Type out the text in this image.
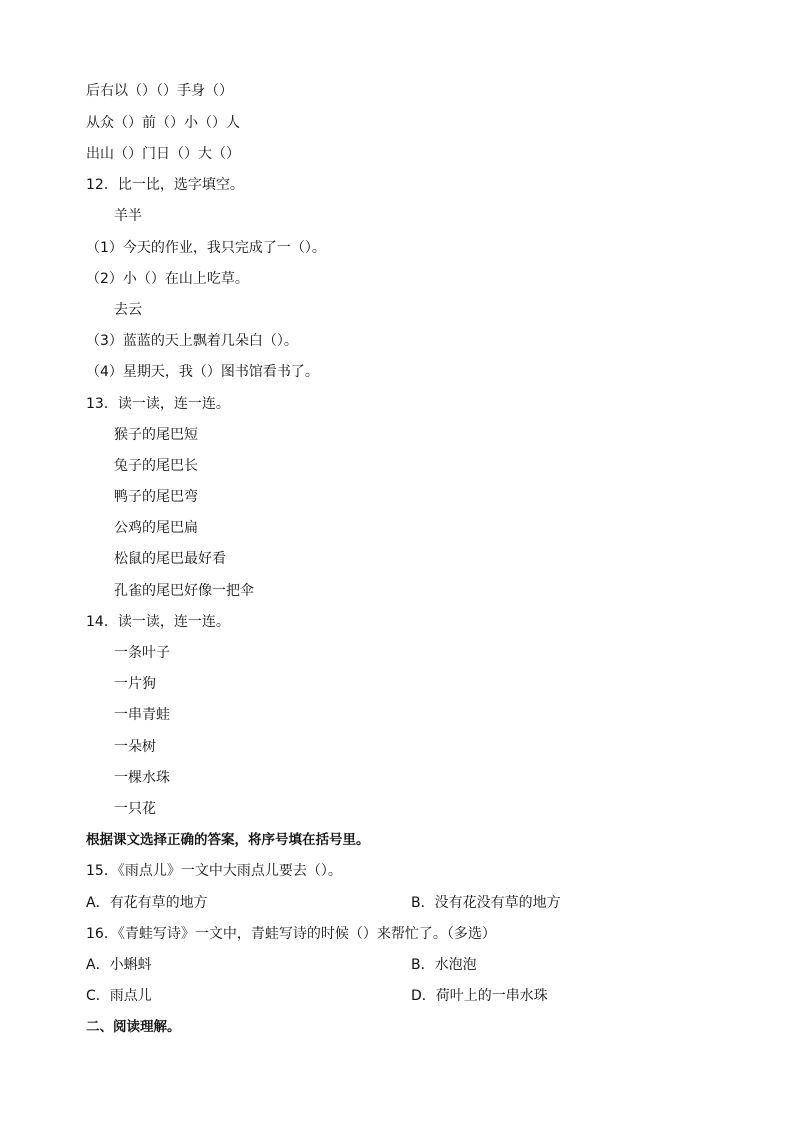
后右以（）（）手身（）
从众（）前（）小（）人
出山（）门日（）大（）
12．比一比，选字填空。
羊半
（1）今天的作业，我只完成了一（）。
（2）小（）在山上吃草。
去云
（3）蓝蓝的天上飘着几朵白（）。
（4）星期天，我（）图书馆看书了。
13．读一读，连一连。
猴子的尾巴短
兔子的尾巴长
鸭子的尾巴弯
公鸡的尾巴扁
松鼠的尾巴最好看
孔雀的尾巴好像一把伞
14．读一读，连一连。
一条叶子
一片狗
一串青蛙
一朵树
一棵水珠
一只花
根据课文选择正确的答案，将序号填在括号里。
15．《雨点儿》一文中大雨点儿要去（）。
A．有花有草的地方	B．没有花没有草的地方
16．《青蛙写诗》一文中，青蛙写诗的时候（）来帮忙了。（多选）
A．小蝌蚪	B．水泡泡
C．雨点儿	D．荷叶上的一串水珠
二、阅读理解。
